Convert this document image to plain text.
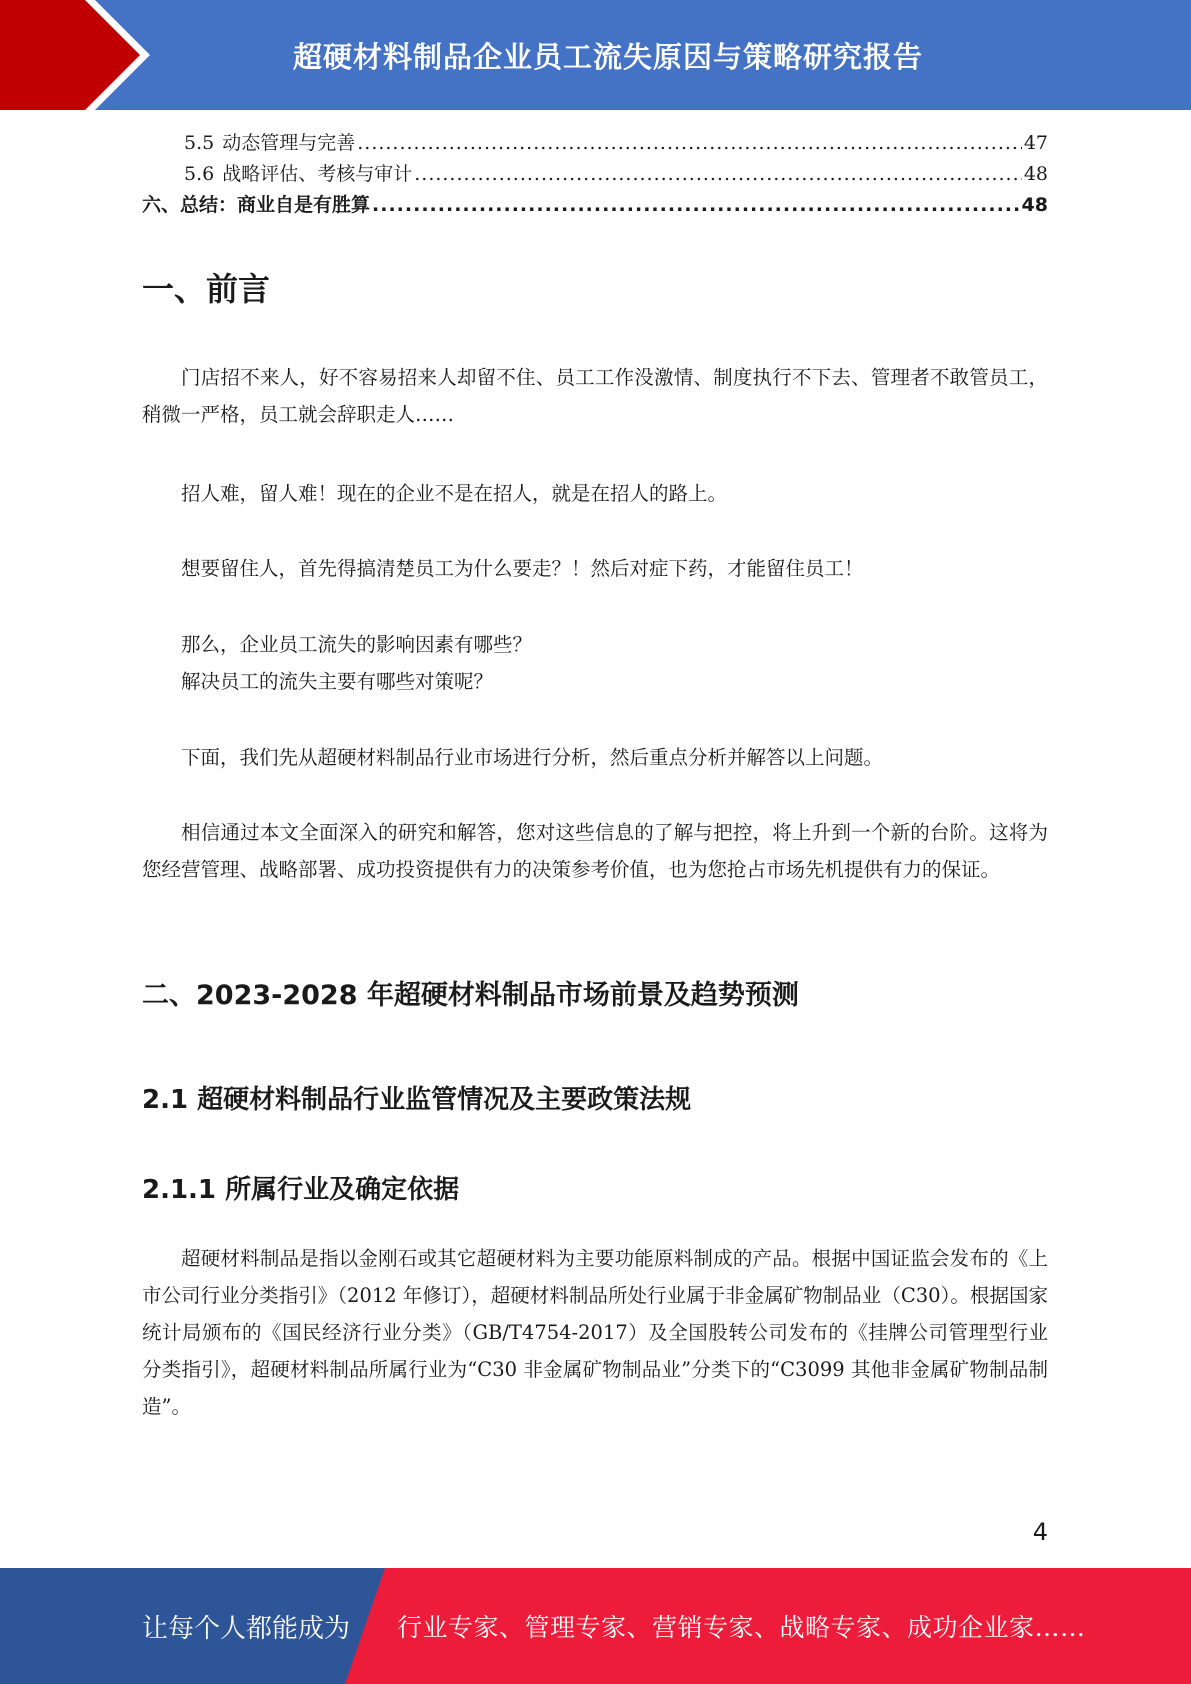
超硬材料制品企业员工流失原因与策略研究报告
5.5 动态管理与完善 .....	47
5.6 战略评估、考核与审计 .....	48
六、总结：商业自是有胜算 .....	48
一、前言

门店招不来人，好不容易招来人却留不住、员工工作没激情、制度执行不下去、管理者不敢管员工，稍微一严格，员工就会辞职走人……

招人难，留人难！现在的企业不是在招人，就是在招人的路上。

想要留住人，首先得搞清楚员工为什么要走？！然后对症下药，才能留住员工！

那么，企业员工流失的影响因素有哪些？

解决员工的流失主要有哪些对策呢？

下面，我们先从超硬材料制品行业市场进行分析，然后重点分析并解答以上问题。

相信通过本文全面深入的研究和解答，您对这些信息的了解与把控，将上升到一个新的台阶。这将为您经营管理、战略部署、成功投资提供有力的决策参考价值，也为您抢占市场先机提供有力的保证。

二、2023-2028 年超硬材料制品市场前景及趋势预测
2.1 超硬材料制品行业监管情况及主要政策法规
2.1.1 所属行业及确定依据

超硬材料制品是指以金刚石或其它超硬材料为主要功能原料制成的产品。根据中国证监会发布的《上市公司行业分类指引》（2012 年修订），超硬材料制品所处行业属于非金属矿物制品业（C30）。根据国家统计局颁布的《国民经济行业分类》（GB/T4754-2017）及全国股转公司发布的《挂牌公司管理型行业分类指引》，超硬材料制品所属行业为“C30 非金属矿物制品业”分类下的“C3099 其他非金属矿物制品制造”。

4
让每个人都能成为 行业专家、管理专家、营销专家、战略专家、成功企业家……
